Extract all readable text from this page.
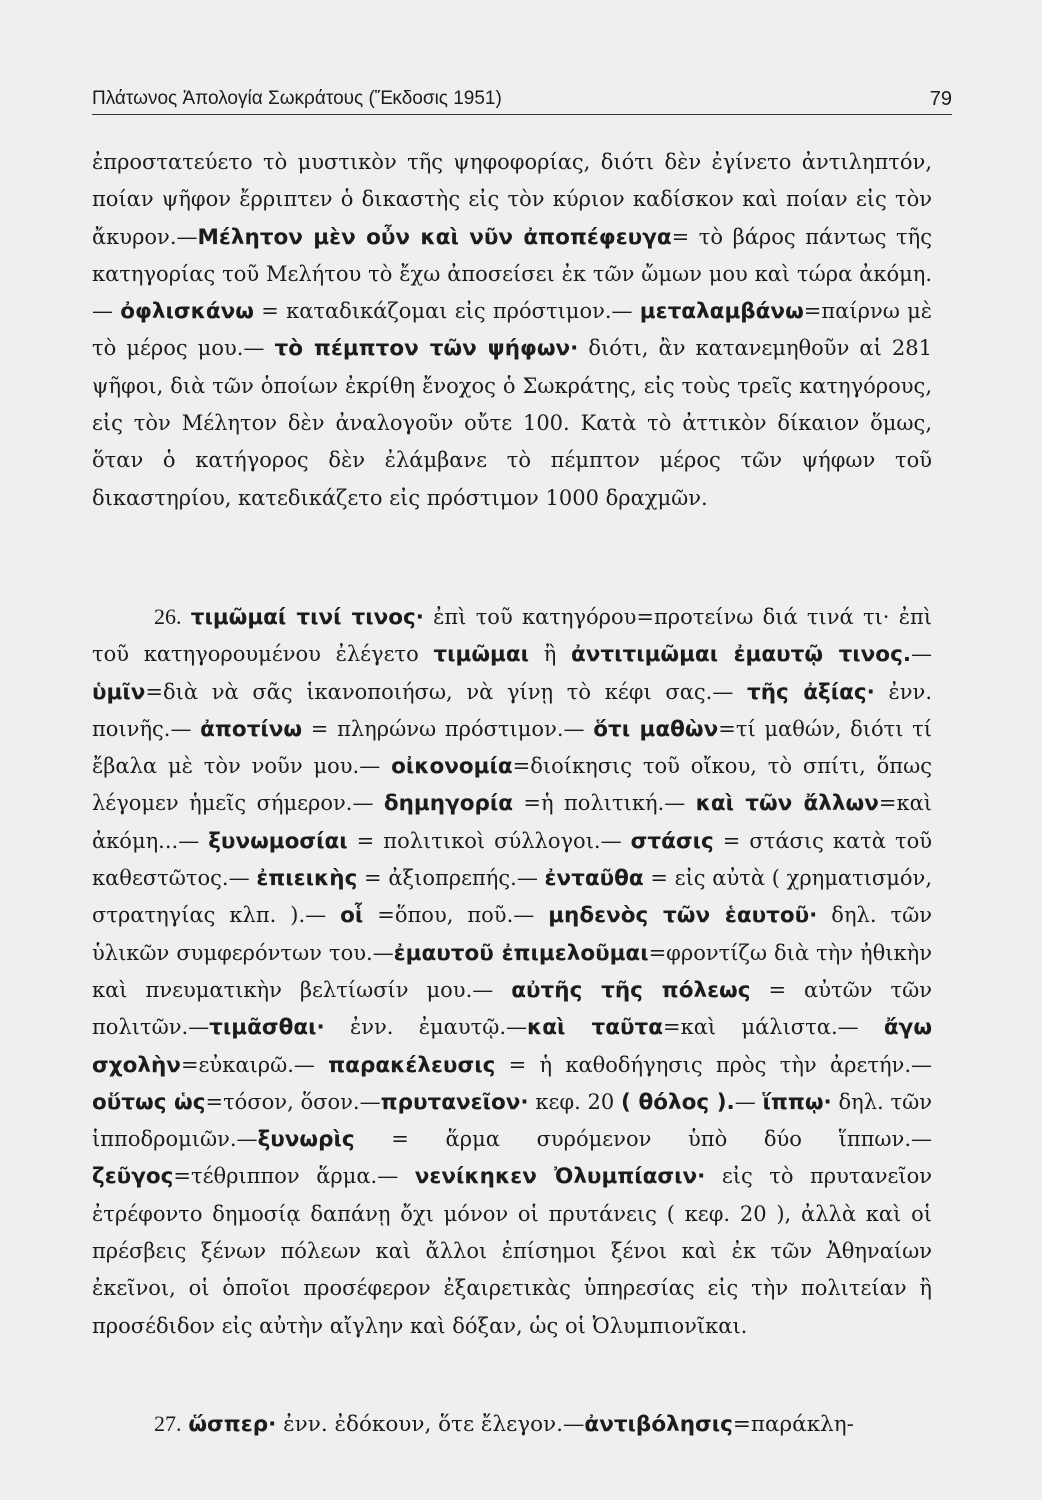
Πλάτωνος Ἀπολογία Σωκράτους (Ἔκδοσις 1951)	79

ἐπροστατεύετο τὸ μυστικὸν τῆς ψηφοφορίας, διότι δὲν ἐγίνετο ἀντιληπτόν, ποίαν ψῆφον ἔρριπτεν ὁ δικαστὴς εἰς τὸν κύριον καδίσκον καὶ ποίαν εἰς τὸν ἄκυρον.—Μέλητον μὲν οὖν καὶ νῦν ἀποπέφευγα= τὸ βάρος πάντως τῆς κατηγορίας τοῦ Μελήτου τὸ ἔχω ἀποσείσει ἐκ τῶν ὤμων μου καὶ τώρα ἀκόμη.— ὀφλισκάνω = καταδικάζομαι εἰς πρόστιμον.— μεταλαμβάνω=παίρνω μὲ τὸ μέρος μου.— τὸ πέμπτον τῶν ψήφων· διότι, ἂν κατανεμηθοῦν αἱ 281 ψῆφοι, διὰ τῶν ὁποίων ἐκρίθη ἔνοχος ὁ Σωκράτης, εἰς τοὺς τρεῖς κατηγόρους, εἰς τὸν Μέλητον δὲν ἀναλογοῦν οὔτε 100. Κατὰ τὸ ἀττικὸν δίκαιον ὅμως, ὅταν ὁ κατήγορος δὲν ἐλάμβανε τὸ πέμπτον μέρος τῶν ψήφων τοῦ δικαστηρίου, κατεδικάζετο εἰς πρόστιμον 1000 δραχμῶν.

26. τιμῶμαί τινί τινος· ἐπὶ τοῦ κατηγόρου=προτείνω διά τινά τι· ἐπὶ τοῦ κατηγορουμένου ἐλέγετο τιμῶμαι ἢ ἀντιτιμῶμαι ἐμαυτῷ τινος.—ὑμῖν=διὰ νὰ σᾶς ἱκανοποιήσω, νὰ γίνῃ τὸ κέφι σας.— τῆς ἀξίας· ἐνν. ποινῆς.— ἀποτίνω = πληρώνω πρόστιμον.— ὅτι μαθὼν=τί μαθών, διότι τί ἔβαλα μὲ τὸν νοῦν μου.— οἰκονομία=διοίκησις τοῦ οἴκου, τὸ σπίτι, ὅπως λέγομεν ἡμεῖς σήμερον.— δημηγορία =ἡ πολιτική.— καὶ τῶν ἄλλων=καὶ ἀκόμη...— ξυνωμοσίαι = πολιτικοὶ σύλλογοι.— στάσις = στάσις κατὰ τοῦ καθεστῶτος.— ἐπιεικὴς = ἀξιοπρεπής.— ἐνταῦθα = εἰς αὐτὰ ( χρηματισμόν, στρατηγίας κλπ. ).— οἷ =ὅπου, ποῦ.— μηδενὸς τῶν ἑαυτοῦ· δηλ. τῶν ὑλικῶν συμφερόντων του.—ἐμαυτοῦ ἐπιμελοῦμαι=φροντίζω διὰ τὴν ἠθικὴν καὶ πνευματικὴν βελτίωσίν μου.— αὐτῆς τῆς πόλεως = αὐτῶν τῶν πολιτῶν.—τιμᾶσθαι· ἐνν. ἐμαυτῷ.—καὶ ταῦτα=καὶ μάλιστα.— ἄγω σχολὴν=εὐκαιρῶ.— παρακέλευσις = ἡ καθοδήγησις πρὸς τὴν ἀρετήν.—οὕτως ὡς=τόσον, ὅσον.—πρυτανεῖον· κεφ. 20 ( θόλος ).— ἵππῳ· δηλ. τῶν ἱπποδρομιῶν.—ξυνωρὶς = ἅρμα συρόμενον ὑπὸ δύο ἵππων.— ζεῦγος=τέθριππον ἅρμα.— νενίκηκεν Ὀλυμπίασιν· εἰς τὸ πρυτανεῖον ἐτρέφοντο δημοσίᾳ δαπάνῃ ὄχι μόνον οἱ πρυτάνεις ( κεφ. 20 ), ἀλλὰ καὶ οἱ πρέσβεις ξένων πόλεων καὶ ἄλλοι ἐπίσημοι ξένοι καὶ ἐκ τῶν Ἀθηναίων ἐκεῖνοι, οἱ ὁποῖοι προσέφερον ἐξαιρετικὰς ὑπηρεσίας εἰς τὴν πολιτείαν ἢ προσέδιδον εἰς αὐτὴν αἴγλην καὶ δόξαν, ὡς οἱ Ὀλυμπιονῖκαι.

27. ὥσπερ· ἐνν. ἐδόκουν, ὅτε ἔλεγον.—ἀντιβόλησις=παράκλη-
